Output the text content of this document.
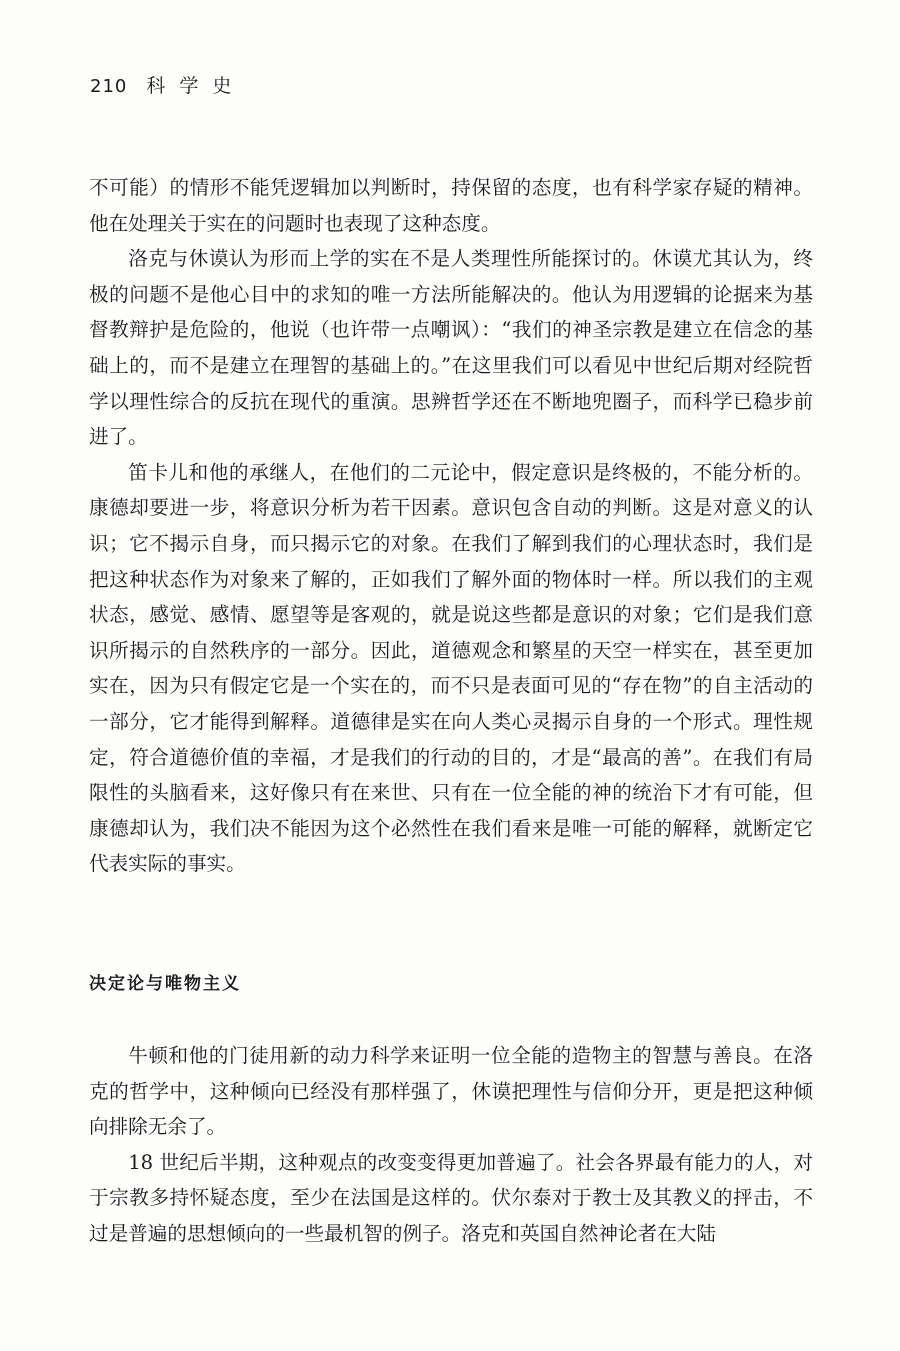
210 科学史

不可能）的情形不能凭逻辑加以判断时，持保留的态度，也有科学家存疑的精神。他在处理关于实在的问题时也表现了这种态度。

洛克与休谟认为形而上学的实在不是人类理性所能探讨的。休谟尤其认为，终极的问题不是他心目中的求知的唯一方法所能解决的。他认为用逻辑的论据来为基督教辩护是危险的，他说（也许带一点嘲讽）：“我们的神圣宗教是建立在信念的基础上的，而不是建立在理智的基础上的。”在这里我们可以看见中世纪后期对经院哲学以理性综合的反抗在现代的重演。思辨哲学还在不断地兜圈子，而科学已稳步前进了。

笛卡儿和他的承继人，在他们的二元论中，假定意识是终极的，不能分析的。康德却要进一步，将意识分析为若干因素。意识包含自动的判断。这是对意义的认识；它不揭示自身，而只揭示它的对象。在我们了解到我们的心理状态时，我们是把这种状态作为对象来了解的，正如我们了解外面的物体时一样。所以我们的主观状态，感觉、感情、愿望等是客观的，就是说这些都是意识的对象；它们是我们意识所揭示的自然秩序的一部分。因此，道德观念和繁星的天空一样实在，甚至更加实在，因为只有假定它是一个实在的，而不只是表面可见的“存在物”的自主活动的一部分，它才能得到解释。道德律是实在向人类心灵揭示自身的一个形式。理性规定，符合道德价值的幸福，才是我们的行动的目的，才是“最高的善”。在我们有局限性的头脑看来，这好像只有在来世、只有在一位全能的神的统治下才有可能，但康德却认为，我们决不能因为这个必然性在我们看来是唯一可能的解释，就断定它代表实际的事实。

决定论与唯物主义

牛顿和他的门徒用新的动力科学来证明一位全能的造物主的智慧与善良。在洛克的哲学中，这种倾向已经没有那样强了，休谟把理性与信仰分开，更是把这种倾向排除无余了。

18 世纪后半期，这种观点的改变变得更加普遍了。社会各界最有能力的人，对于宗教多持怀疑态度，至少在法国是这样的。伏尔泰对于教士及其教义的抨击，不过是普遍的思想倾向的一些最机智的例子。洛克和英国自然神论者在大陆
